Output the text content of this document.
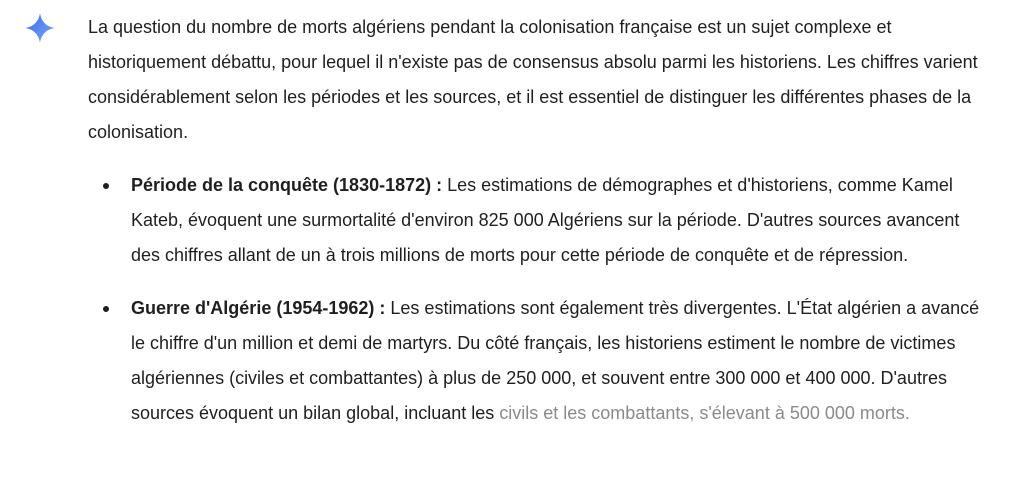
La question du nombre de morts algériens pendant la colonisation française est un sujet complexe et historiquement débattu, pour lequel il n'existe pas de consensus absolu parmi les historiens. Les chiffres varient considérablement selon les périodes et les sources, et il est essentiel de distinguer les différentes phases de la colonisation.

Période de la conquête (1830-1872) : Les estimations de démographes et d'historiens, comme Kamel Kateb, évoquent une surmortalité d'environ 825 000 Algériens sur la période. D'autres sources avancent des chiffres allant de un à trois millions de morts pour cette période de conquête et de répression.
Guerre d'Algérie (1954-1962) : Les estimations sont également très divergentes. L'État algérien a avancé le chiffre d'un million et demi de martyrs. Du côté français, les historiens estiment le nombre de victimes algériennes (civiles et combattantes) à plus de 250 000, et souvent entre 300 000 et 400 000. D'autres sources évoquent un bilan global, incluant les civils et les combattants, s'élevant à 500 000 morts.
